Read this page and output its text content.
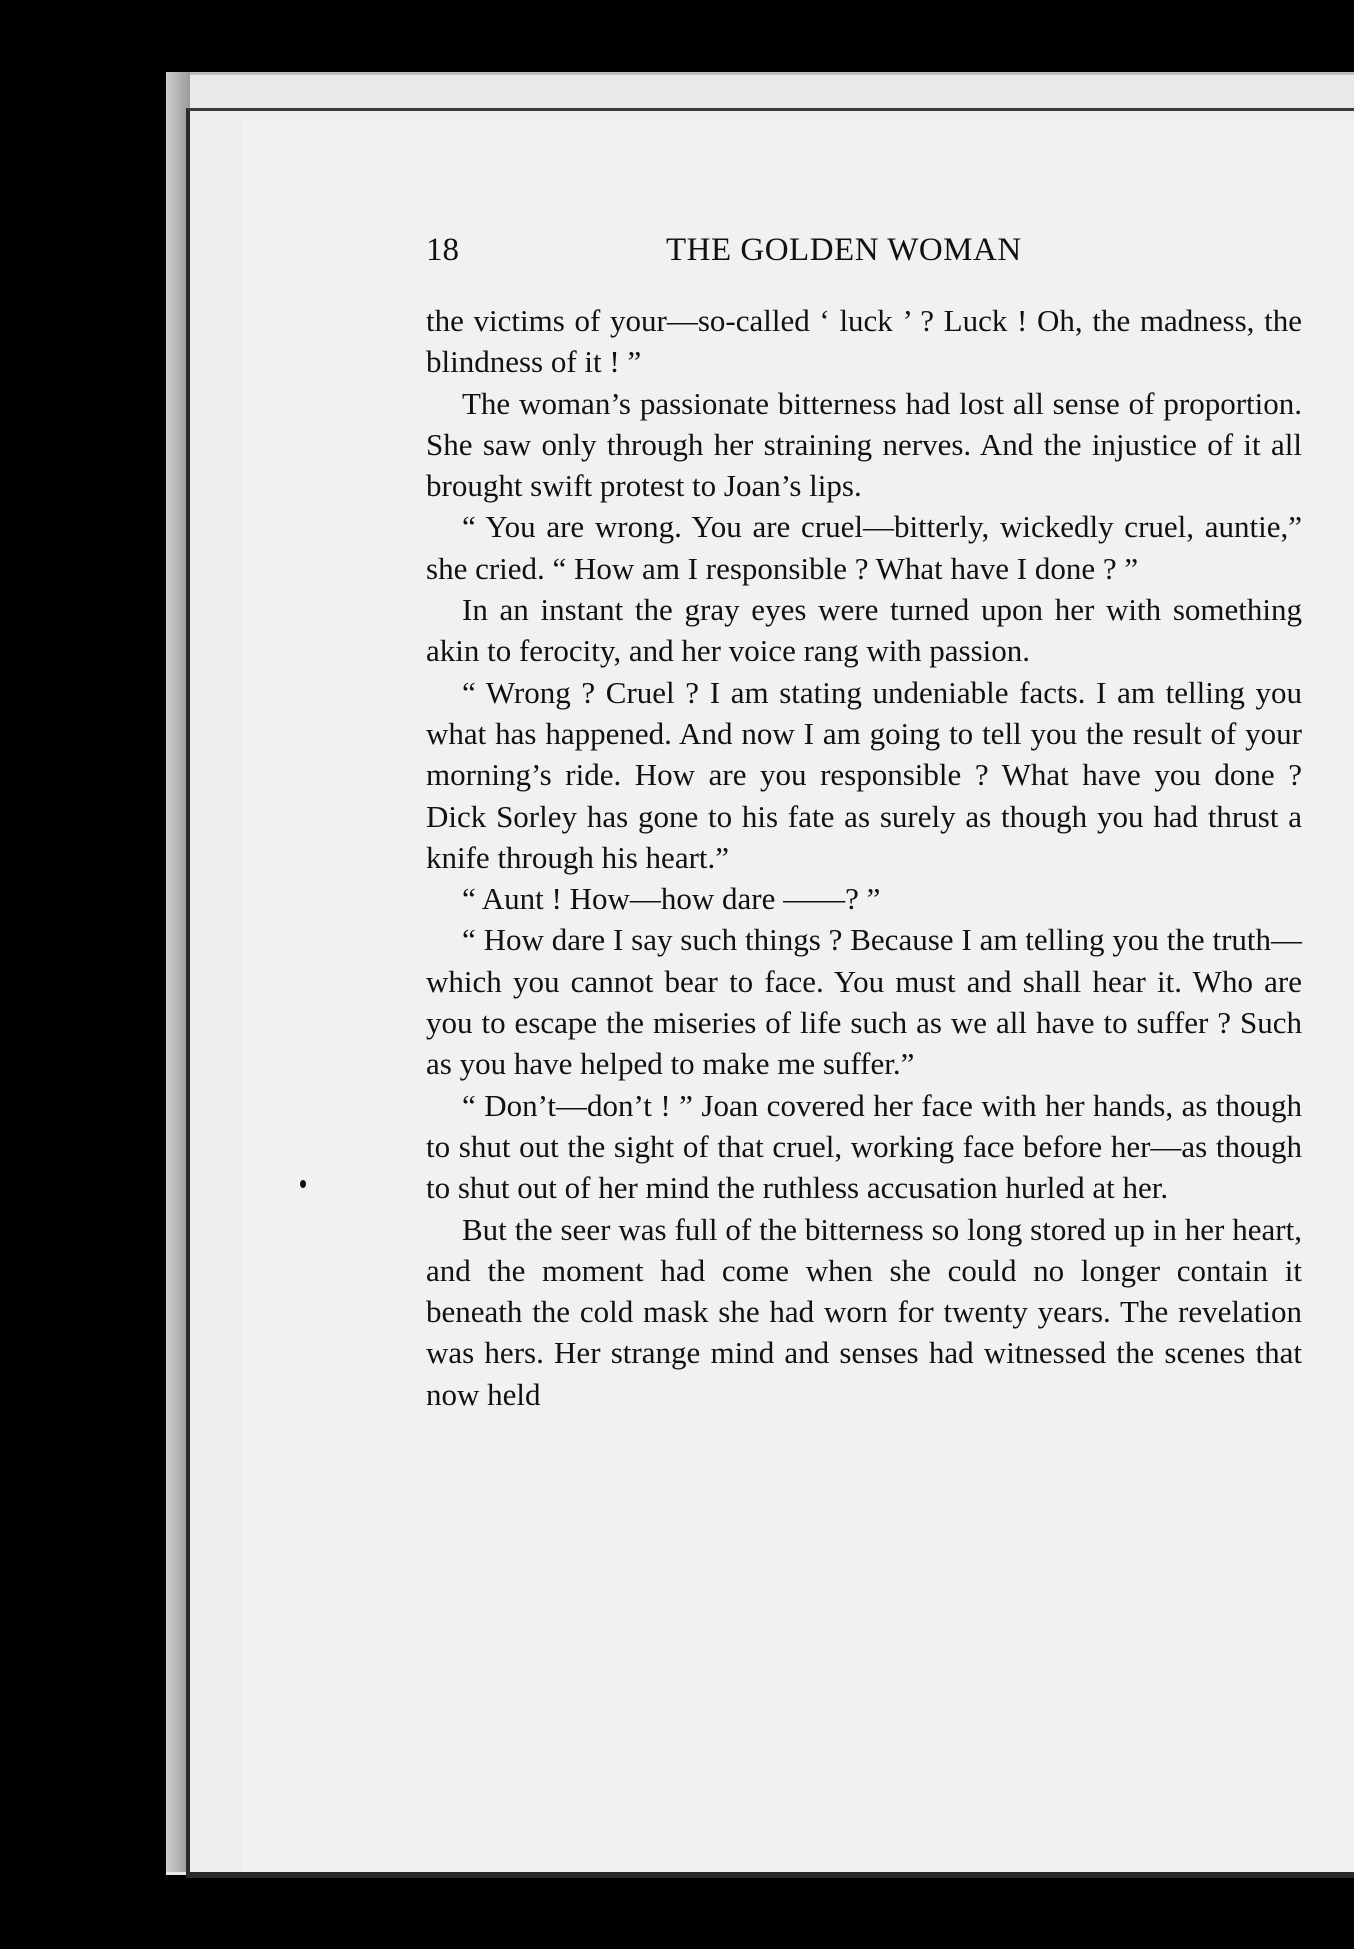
18	THE GOLDEN WOMAN

the victims of your—so-called ‘ luck ’ ? Luck ! Oh, the madness, the blindness of it ! ”

The woman’s passionate bitterness had lost all sense of proportion. She saw only through her straining nerves. And the injustice of it all brought swift protest to Joan’s lips.

“ You are wrong. You are cruel—bitterly, wickedly cruel, auntie,” she cried. “ How am I responsible ? What have I done ? ”

In an instant the gray eyes were turned upon her with something akin to ferocity, and her voice rang with passion.

“ Wrong ? Cruel ? I am stating undeniable facts. I am telling you what has happened. And now I am going to tell you the result of your morning’s ride. How are you responsible ? What have you done ? Dick Sorley has gone to his fate as surely as though you had thrust a knife through his heart.”

“ Aunt ! How—how dare ——? ”

“ How dare I say such things ? Because I am telling you the truth—which you cannot bear to face. You must and shall hear it. Who are you to escape the miseries of life such as we all have to suffer ? Such as you have helped to make me suffer.”

“ Don’t—don’t ! ” Joan covered her face with her hands, as though to shut out the sight of that cruel, working face before her—as though to shut out of her mind the ruthless accusation hurled at her.

But the seer was full of the bitterness so long stored up in her heart, and the moment had come when she could no longer contain it beneath the cold mask she had worn for twenty years. The revelation was hers. Her strange mind and senses had witnessed the scenes that now held
